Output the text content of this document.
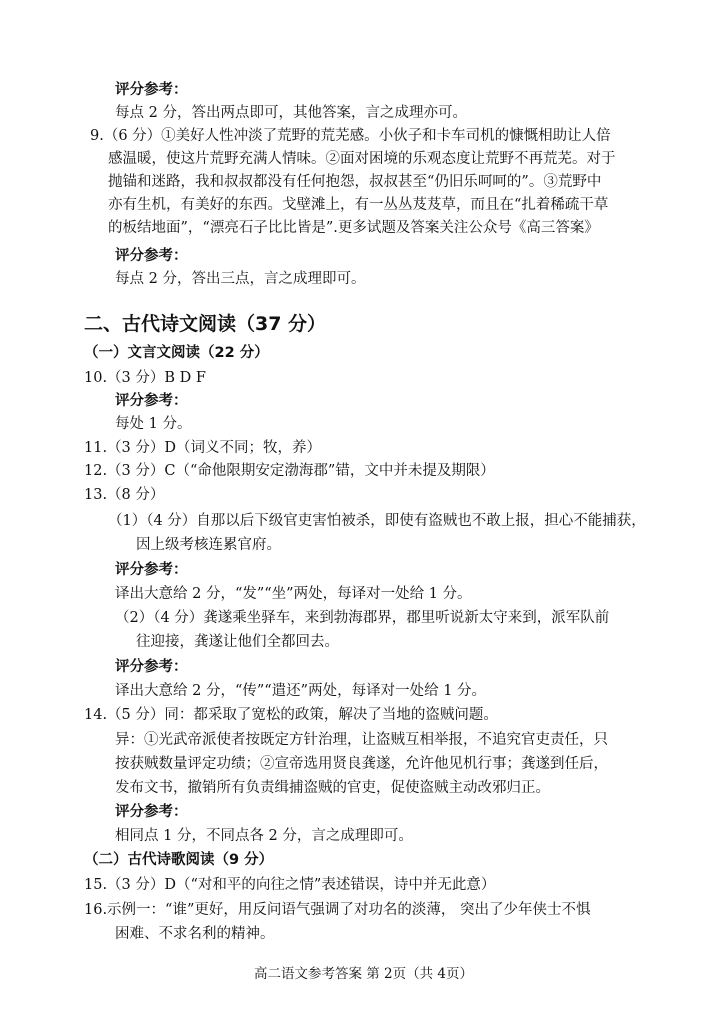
评分参考：
每点 2 分，答出两点即可，其他答案，言之成理亦可。
9.（6 分）①美好人性冲淡了荒野的荒芜感。小伙子和卡车司机的慷慨相助让人倍
感温暖，使这片荒野充满人情味。②面对困境的乐观态度让荒野不再荒芜。对于
抛锚和迷路，我和叔叔都没有任何抱怨，叔叔甚至“仍旧乐呵呵的”。③荒野中
亦有生机，有美好的东西。戈壁滩上，有一丛丛芨芨草，而且在“扎着稀疏干草
的板结地面”，“漂亮石子比比皆是”.更多试题及答案关注公众号《高三答案》
评分参考：
每点 2 分，答出三点，言之成理即可。
二、古代诗文阅读（37 分）
（一）文言文阅读（22 分）
10.（3 分）B D F
评分参考：
每处 1 分。
11.（3 分）D（词义不同；牧，养）
12.（3 分）C（“命他限期安定渤海郡”错，文中并未提及期限）
13.（8 分）
（1）（4 分）自那以后下级官吏害怕被杀，即使有盗贼也不敢上报，担心不能捕获，
因上级考核连累官府。
评分参考：
译出大意给 2 分，“发”“坐”两处，每译对一处给 1 分。
（2）（4 分）龚遂乘坐驿车，来到勃海郡界，郡里听说新太守来到，派军队前
往迎接，龚遂让他们全都回去。
评分参考：
译出大意给 2 分，“传”“遣还”两处，每译对一处给 1 分。
14.（5 分）同：都采取了宽松的政策，解决了当地的盗贼问题。
异：①光武帝派使者按既定方针治理，让盗贼互相举报，不追究官吏责任，只
按获贼数量评定功绩；②宣帝选用贤良龚遂，允许他见机行事；龚遂到任后，
发布文书，撤销所有负责缉捕盗贼的官吏，促使盗贼主动改邪归正。
评分参考：
相同点 1 分，不同点各 2 分，言之成理即可。
（二）古代诗歌阅读（9 分）
15.（3 分）D（“对和平的向往之情”表述错误，诗中并无此意）
16.示例一：“谁”更好，用反问语气强调了对功名的淡薄， 突出了少年侠士不惧
困难、不求名利的精神。
高二语文参考答案 第 2页（共 4页）
